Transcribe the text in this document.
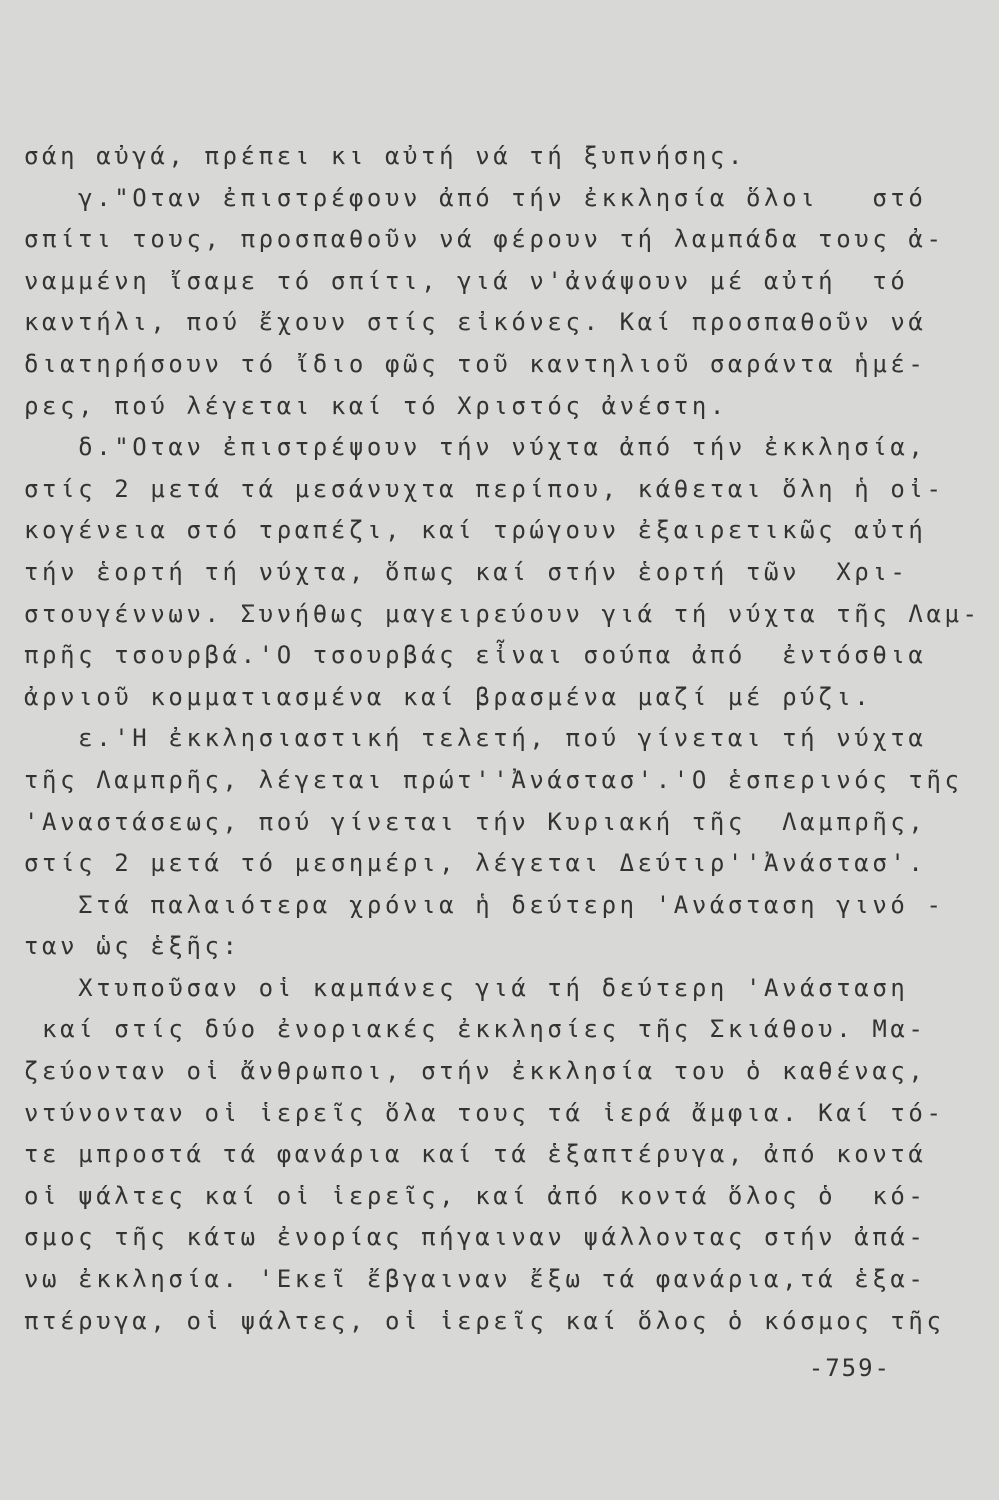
σάη αὐγά, πρέπει κι αὐτή νά τή ξυπνήσης.
γ."Οταν ἐπιστρέφουν ἀπό τήν ἐκκλησία ὅλοι   στό
σπίτι τους, προσπαθοῦν νά φέρουν τή λαμπάδα τους ἀ-
ναμμένη ἴσαμε τό σπίτι, γιά ν'ἀνάψουν μέ αὐτή  τό
καντήλι, πού ἔχουν στίς εἰκόνες. Καί προσπαθοῦν νά
διατηρήσουν τό ἴδιο φῶς τοῦ καντηλιοῦ σαράντα ἡμέ-
ρες, πού λέγεται καί τό Χριστός ἀνέστη.
δ."Οταν ἐπιστρέψουν τήν νύχτα ἀπό τήν ἐκκλησία,
στίς 2 μετά τά μεσάνυχτα περίπου, κάθεται ὅλη ἡ οἰ-
κογένεια στό τραπέζι, καί τρώγουν ἐξαιρετικῶς αὐτή
τήν ἑορτή τή νύχτα, ὅπως καί στήν ἑορτή τῶν  Χρι-
στουγέννων. Συνήθως μαγειρεύουν γιά τή νύχτα τῆς Λαμ-
πρῆς τσουρβά.'Ο τσουρβάς εἶναι σούπα ἀπό  ἐντόσθια
ἀρνιοῦ κομματιασμένα καί βρασμένα μαζί μέ ρύζι.
ε.'Η ἐκκλησιαστική τελετή, πού γίνεται τή νύχτα
τῆς Λαμπρῆς, λέγεται πρώτ''Ἀνάστασ'.'Ο ἑσπερινός τῆς
'Αναστάσεως, πού γίνεται τήν Κυριακή τῆς  Λαμπρῆς,
στίς 2 μετά τό μεσημέρι, λέγεται Δεύτιρ''Ἀνάστασ'.
Στά παλαιότερα χρόνια ἡ δεύτερη 'Ανάσταση γινό -
ταν ὡς ἑξῆς:
Χτυποῦσαν οἱ καμπάνες γιά τή δεύτερη 'Ανάσταση
καί στίς δύο ἐνοριακές ἐκκλησίες τῆς Σκιάθου. Μα-
ζεύονταν οἱ ἄνθρωποι, στήν ἐκκλησία του ὁ καθένας,
ντύνονταν οἱ ἱερεῖς ὅλα τους τά ἱερά ἄμφια. Καί τό-
τε μπροστά τά φανάρια καί τά ἑξαπτέρυγα, ἀπό κοντά
οἱ ψάλτες καί οἱ ἱερεῖς, καί ἀπό κοντά ὅλος ὁ  κό-
σμος τῆς κάτω ἐνορίας πήγαιναν ψάλλοντας στήν ἀπά-
νω ἐκκλησία. 'Εκεῖ ἔβγαιναν ἔξω τά φανάρια,τά ἑξα-
πτέρυγα, οἱ ψάλτες, οἱ ἱερεῖς καί ὅλος ὁ κόσμος τῆς
-759-
